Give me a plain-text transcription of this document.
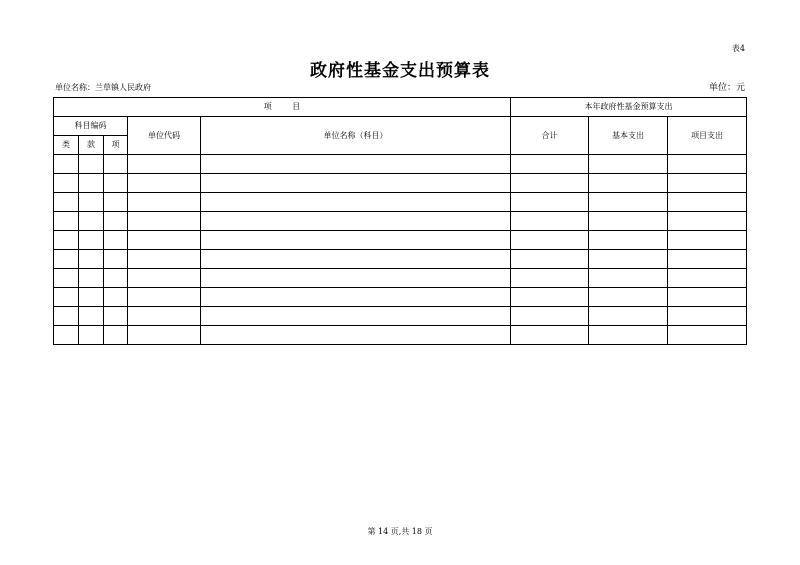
表4
政府性基金支出预算表
单位名称：兰草镇人民政府	单位：元
项 目					本年政府性基金预算支出		
科目编码			单位代码	单位名称（科目）	合计	基本支出	项目支出
类	款	项					

第 14 页,共 18 页
